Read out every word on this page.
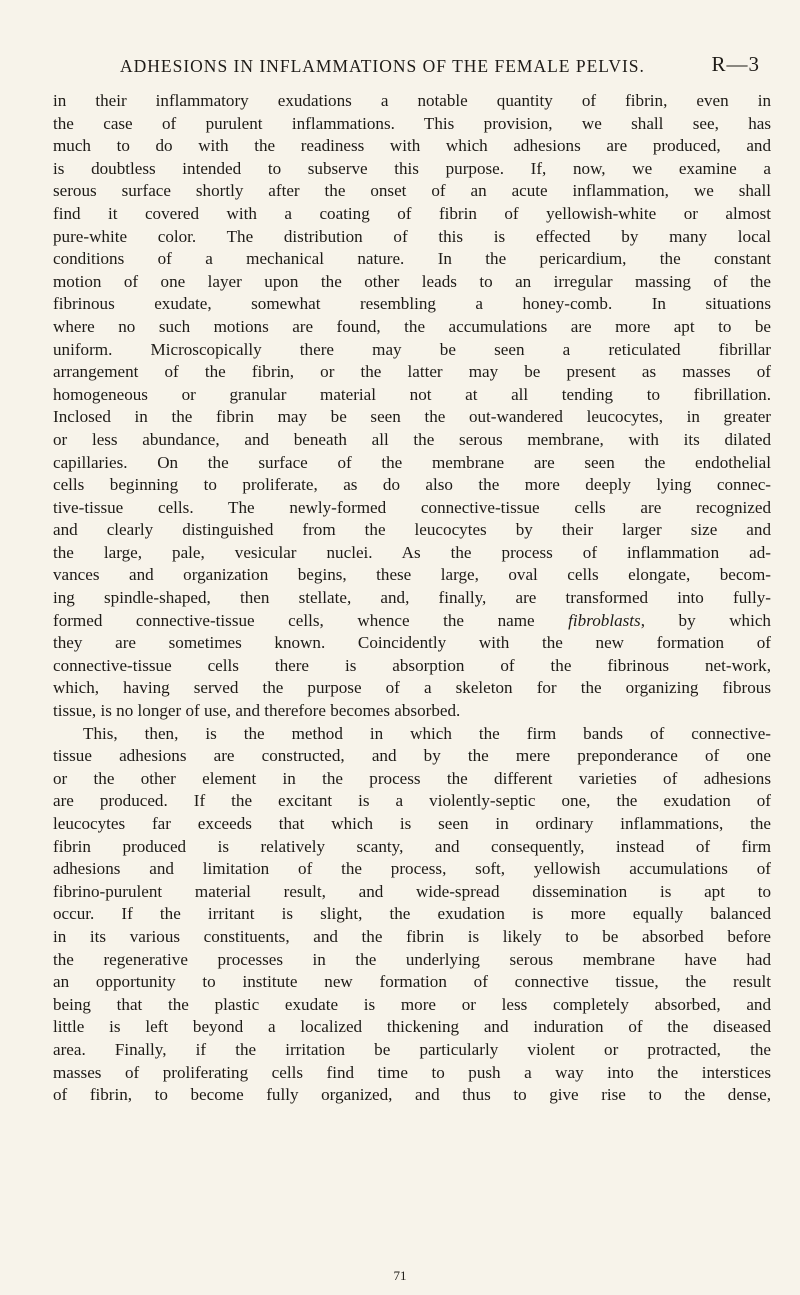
ADHESIONS IN INFLAMMATIONS OF THE FEMALE PELVIS.	R—3
in their inflammatory exudations a notable quantity of fibrin, even in
the case of purulent inflammations. This provision, we shall see, has
much to do with the readiness with which adhesions are produced, and
is doubtless intended to subserve this purpose. If, now, we examine a
serous surface shortly after the onset of an acute inflammation, we shall
find it covered with a coating of fibrin of yellowish-white or almost
pure-white color. The distribution of this is effected by many local
conditions of a mechanical nature. In the pericardium, the constant
motion of one layer upon the other leads to an irregular massing of the
fibrinous exudate, somewhat resembling a honey-comb. In situations
where no such motions are found, the accumulations are more apt to be
uniform. Microscopically there may be seen a reticulated fibrillar
arrangement of the fibrin, or the latter may be present as masses of
homogeneous or granular material not at all tending to fibrillation.
Inclosed in the fibrin may be seen the out-wandered leucocytes, in greater
or less abundance, and beneath all the serous membrane, with its dilated
capillaries. On the surface of the membrane are seen the endothelial
cells beginning to proliferate, as do also the more deeply lying connec-
tive-tissue cells. The newly-formed connective-tissue cells are recognized
and clearly distinguished from the leucocytes by their larger size and
the large, pale, vesicular nuclei. As the process of inflammation ad-
vances and organization begins, these large, oval cells elongate, becom-
ing spindle-shaped, then stellate, and, finally, are transformed into fully-
formed connective-tissue cells, whence the name fibroblasts, by which
they are sometimes known. Coincidently with the new formation of
connective-tissue cells there is absorption of the fibrinous net-work,
which, having served the purpose of a skeleton for the organizing fibrous
tissue, is no longer of use, and therefore becomes absorbed.
This, then, is the method in which the firm bands of connective-
tissue adhesions are constructed, and by the mere preponderance of one
or the other element in the process the different varieties of adhesions
are produced. If the excitant is a violently-septic one, the exudation of
leucocytes far exceeds that which is seen in ordinary inflammations, the
fibrin produced is relatively scanty, and consequently, instead of firm
adhesions and limitation of the process, soft, yellowish accumulations of
fibrino-purulent material result, and wide-spread dissemination is apt to
occur. If the irritant is slight, the exudation is more equally balanced
in its various constituents, and the fibrin is likely to be absorbed before
the regenerative processes in the underlying serous membrane have had
an opportunity to institute new formation of connective tissue, the result
being that the plastic exudate is more or less completely absorbed, and
little is left beyond a localized thickening and induration of the diseased
area. Finally, if the irritation be particularly violent or protracted, the
masses of proliferating cells find time to push a way into the interstices
of fibrin, to become fully organized, and thus to give rise to the dense,
71
